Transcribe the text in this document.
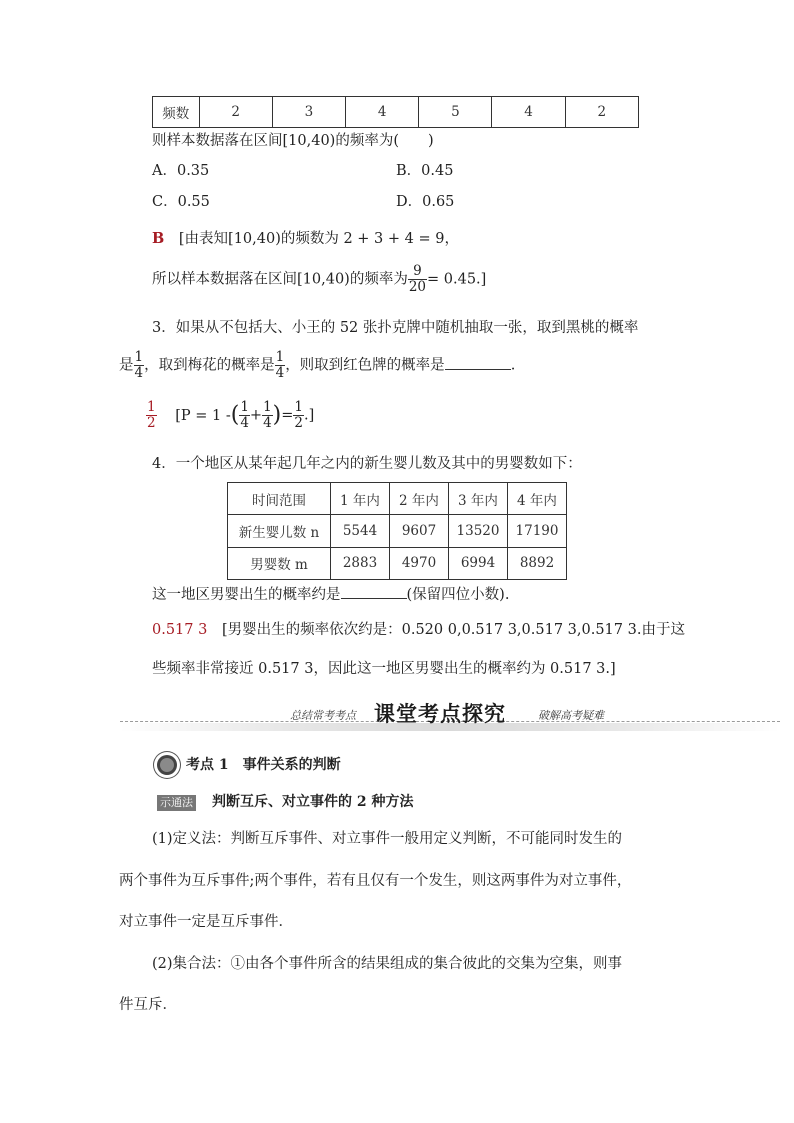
频数	2	3	4	5	4	2
则样本数据落在区间[10,40)的频率为(　　)
A．0.35	B．0.45
C．0.55	D．0.65
B [由表知[10,40)的频数为 2 + 3 + 4 = 9，
所以样本数据落在区间[10,40)的频率为 $\frac{9}{20} = 0.45$.]
3．如果从不包括大、小王的 52 张扑克牌中随机抽取一张，取到黑桃的概率
是 $\frac{1}{4}$ ，取到梅花的概率是 $\frac{1}{4}$ ，则取到红色牌的概率是	.
$\frac{1}{2} [P = 1$ -( $\frac{1}{4} + \frac{1}{4}$ )= $\frac{1}{2}$ .]
4．一个地区从某年起几年之内的新生婴儿数及其中的男婴数如下：
时间范围	1 年内	2 年内	3 年内	4 年内
新生婴儿数 n	5544	9607	13520	17190
男婴数 m	2883	4970	6994	8892
这一地区男婴出生的概率约是	(保留四位小数).
0.517 3 [男婴出生的频率依次约是：0.520 0,0.517 3,0.517 3,0.517 3.由于这
些频率非常接近 0.517 3，因此这一地区男婴出生的概率约为 0.517 3.]
总结常考考点 课堂考点探究	破解高考疑难
考点 1　事件关系的判断
示通法 判断互斥、对立事件的 2 种方法
(1)定义法：判断互斥事件、对立事件一般用定义判断，不可能同时发生的
两个事件为互斥事件;两个事件，若有且仅有一个发生，则这两事件为对立事件，
对立事件一定是互斥事件．
(2)集合法：①由各个事件所含的结果组成的集合彼此的交集为空集，则事
件互斥．
